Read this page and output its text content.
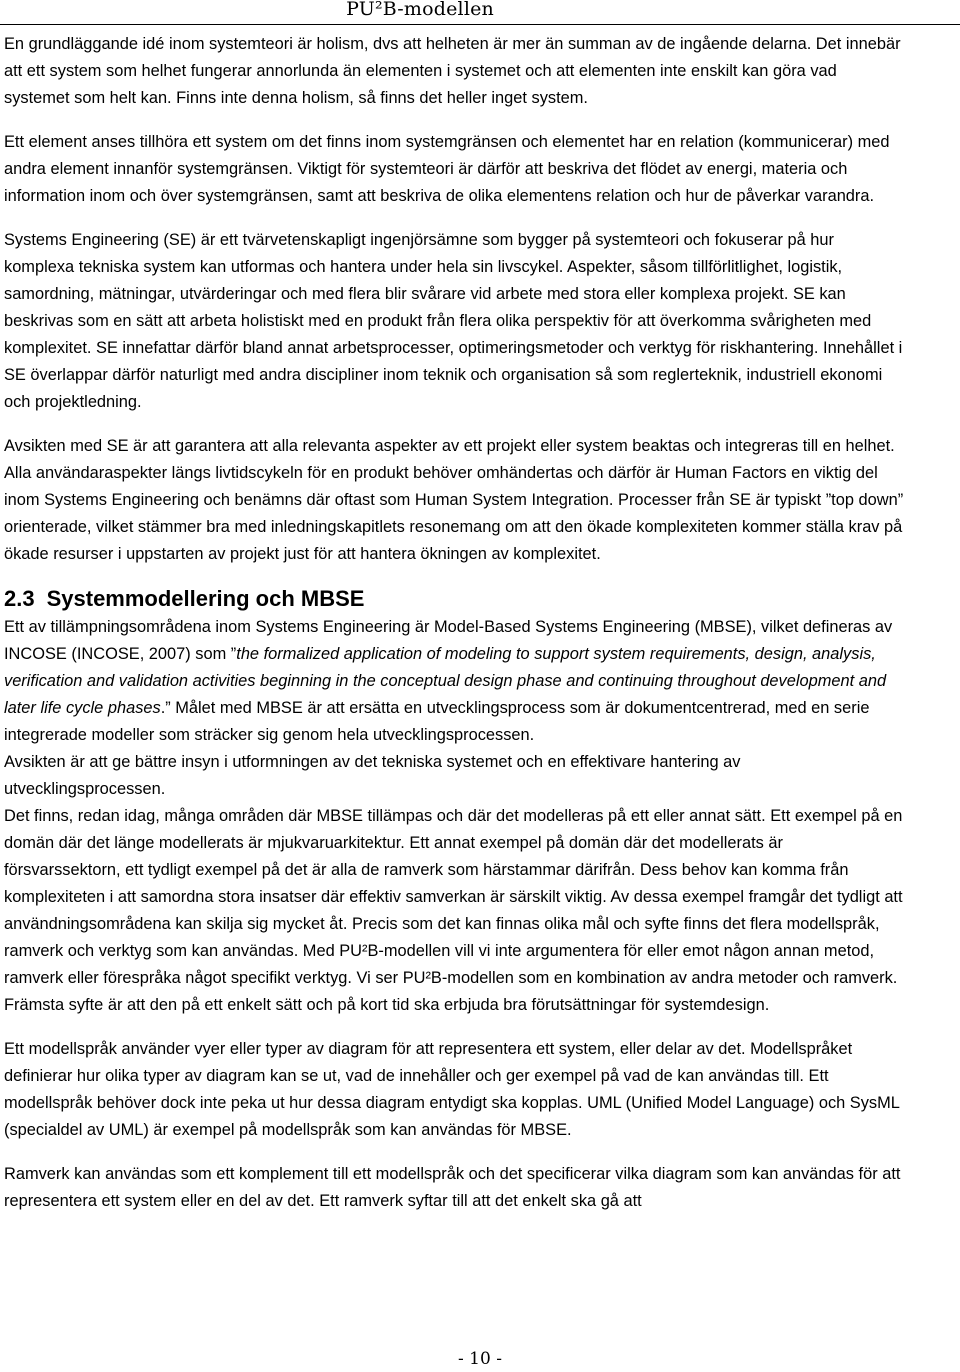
PU²B-modellen

En grundläggande idé inom systemteori är holism, dvs att helheten är mer än summan av de ingående delarna. Det innebär att ett system som helhet fungerar annorlunda än elementen i systemet och att elementen inte enskilt kan göra vad systemet som helt kan. Finns inte denna holism, så finns det heller inget system.

Ett element anses tillhöra ett system om det finns inom systemgränsen och elementet har en relation (kommunicerar) med andra element innanför systemgränsen. Viktigt för systemteori är därför att beskriva det flödet av energi, materia och information inom och över systemgränsen, samt att beskriva de olika elementens relation och hur de påverkar varandra.

Systems Engineering (SE) är ett tvärvetenskapligt ingenjörsämne som bygger på systemteori och fokuserar på hur komplexa tekniska system kan utformas och hantera under hela sin livscykel. Aspekter, såsom tillförlitlighet, logistik, samordning, mätningar, utvärderingar och med flera blir svårare vid arbete med stora eller komplexa projekt. SE kan beskrivas som en sätt att arbeta holistiskt med en produkt från flera olika perspektiv för att överkomma svårigheten med komplexitet. SE innefattar därför bland annat arbetsprocesser, optimeringsmetoder och verktyg för riskhantering. Innehållet i SE överlappar därför naturligt med andra discipliner inom teknik och organisation så som reglerteknik, industriell ekonomi och projektledning.

Avsikten med SE är att garantera att alla relevanta aspekter av ett projekt eller system beaktas och integreras till en helhet. Alla användaraspekter längs livtidscykeln för en produkt behöver omhändertas och därför är Human Factors en viktig del inom Systems Engineering och benämns där oftast som Human System Integration. Processer från SE är typiskt ”top down” orienterade, vilket stämmer bra med inledningskapitlets resonemang om att den ökade komplexiteten kommer ställa krav på ökade resurser i uppstarten av projekt just för att hantera ökningen av komplexitet.

2.3 Systemmodellering och MBSE

Ett av tillämpningsområdena inom Systems Engineering är Model-Based Systems Engineering (MBSE), vilket defineras av INCOSE (INCOSE, 2007) som ”the formalized application of modeling to support system requirements, design, analysis, verification and validation activities beginning in the conceptual design phase and continuing throughout development and later life cycle phases.” Målet med MBSE är att ersätta en utvecklingsprocess som är dokumentcentrerad, med en serie integrerade modeller som sträcker sig genom hela utvecklingsprocessen.

Avsikten är att ge bättre insyn i utformningen av det tekniska systemet och en effektivare hantering av utvecklingsprocessen.

Det finns, redan idag, många områden där MBSE tillämpas och där det modelleras på ett eller annat sätt. Ett exempel på en domän där det länge modellerats är mjukvaruarkitektur. Ett annat exempel på domän där det modellerats är försvarssektorn, ett tydligt exempel på det är alla de ramverk som härstammar därifrån. Dess behov kan komma från komplexiteten i att samordna stora insatser där effektiv samverkan är särskilt viktig. Av dessa exempel framgår det tydligt att användningsområdena kan skilja sig mycket åt. Precis som det kan finnas olika mål och syfte finns det flera modellspråk, ramverk och verktyg som kan användas. Med PU²B-modellen vill vi inte argumentera för eller emot någon annan metod, ramverk eller förespråka något specifikt verktyg. Vi ser PU²B-modellen som en kombination av andra metoder och ramverk. Främsta syfte är att den på ett enkelt sätt och på kort tid ska erbjuda bra förutsättningar för systemdesign.

Ett modellspråk använder vyer eller typer av diagram för att representera ett system, eller delar av det. Modellspråket definierar hur olika typer av diagram kan se ut, vad de innehåller och ger exempel på vad de kan användas till. Ett modellspråk behöver dock inte peka ut hur dessa diagram entydigt ska kopplas. UML (Unified Model Language) och SysML (specialdel av UML) är exempel på modellspråk som kan användas för MBSE.

Ramverk kan användas som ett komplement till ett modellspråk och det specificerar vilka diagram som kan användas för att representera ett system eller en del av det. Ett ramverk syftar till att det enkelt ska gå att

- 10 -
